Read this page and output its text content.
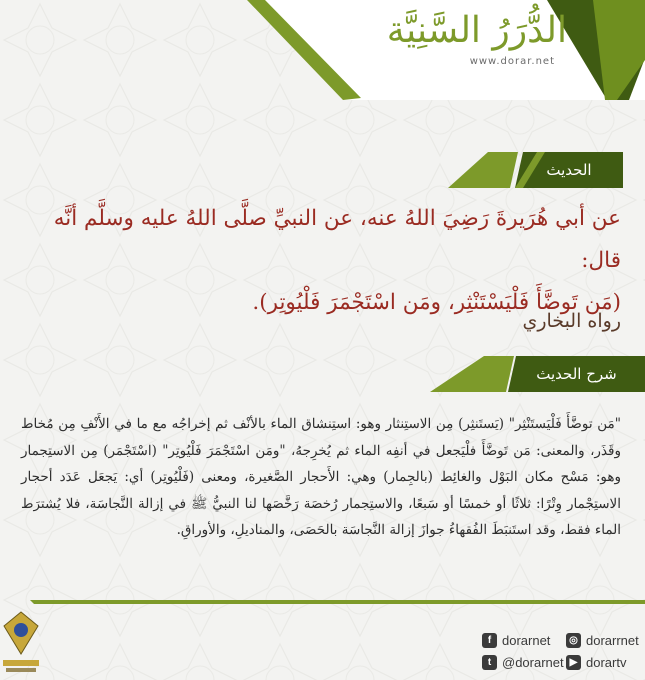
الدُّرَرُ السَّنِيَّة
www.dorar.net
الحديث
عن أبي هُرَيرةَ رَضِيَ اللهُ عنه، عن النبيِّ صلَّى اللهُ عليه وسلَّم أنَّه قال:
(مَن تَوضَّأَ فَلْيَسْتَنْثِر، ومَن اسْتَجْمَرَ فَلْيُوتِر).
رواه البخاري
شرح الحديث
"مَن توضَّأَ فَلْيَستَنْثِر" (يَستَنثِر) مِن الاستِنثار وهو: استِنشاق الماء بالأنْف ثم إخراجُه مع ما في الأَنْفِ مِن مُخاط وقَذَر، والمعنى: مَن تَوضَّأَ فلْيَجعل في أنفِه الماء ثم يُخرِجهُ، "ومَن اسْتَجْمَرَ فَلْيُوتِر" (اسْتَجْمَر) مِن الاستِجمار وهو: مَسْح مكان البَوْل والغائِط (بالجِمار) وهي: الأَحجار الصَّغيرة، ومعنى (فَلْيُوتِر) أي: يَجعَل عَدَد أحجار الاستِجْمار وِتْرًا: ثلاثًا أو خمسًا أو سَبعًا، والاستِجمار رُخصَة رَخَّصَها لنا النبيُّ ﷺ في إزالة النَّجاسَة، فلا يُشترَط الماء فقط، وقد استَنبَطَ الفُقهاءُ جوازَ إزالة النَّجاسَة بالحَصَى، والمناديلِ، والأوراقِ.
f dorarnet	◎ dorarrnet
t @dorarnet ▶ dorartv
